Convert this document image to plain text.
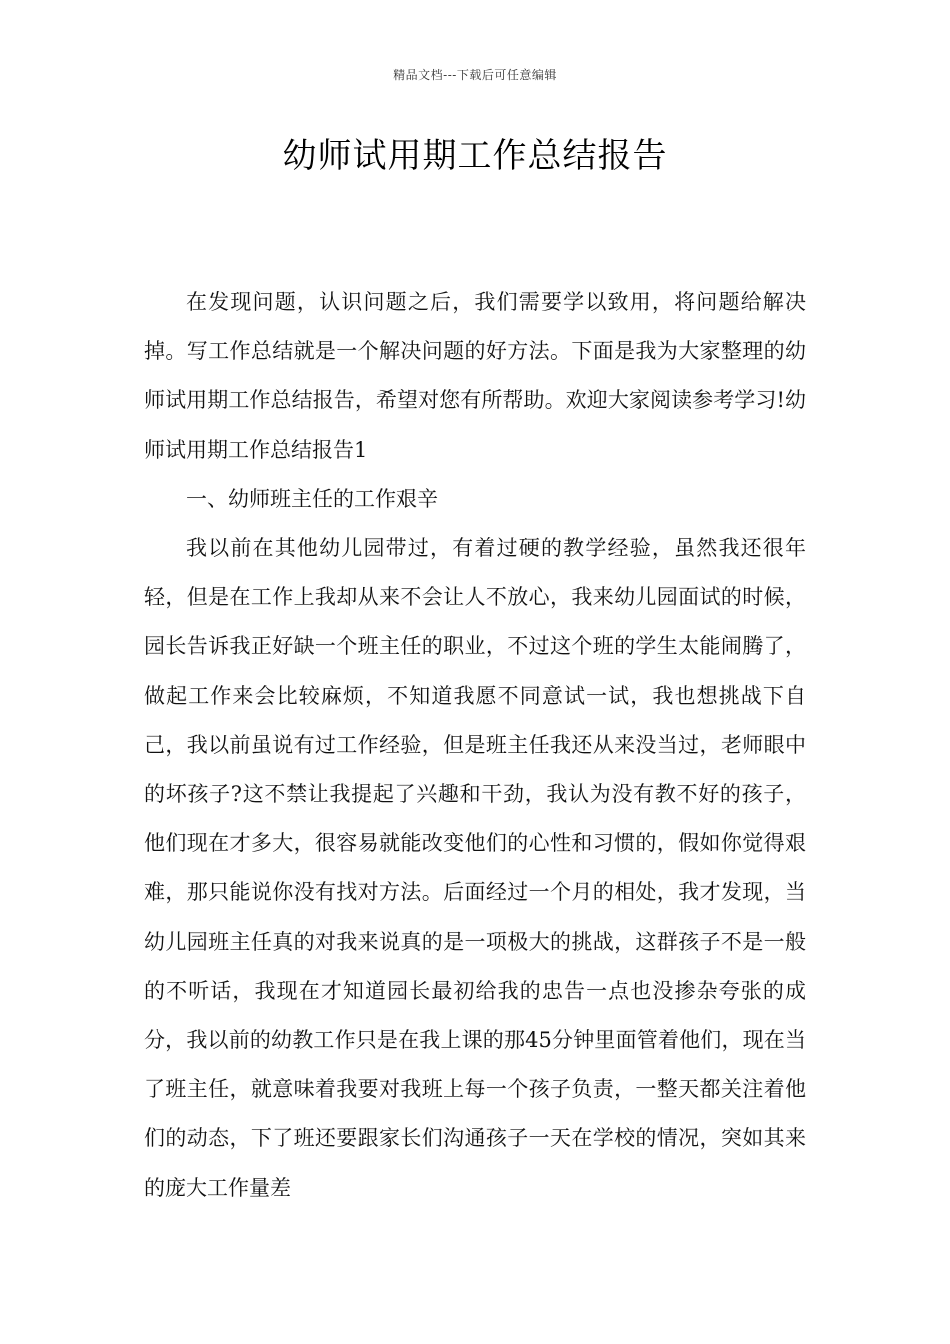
精品文档---下载后可任意编辑
幼师试用期工作总结报告

在发现问题，认识问题之后，我们需要学以致用，将问题给解决掉。写工作总结就是一个解决问题的好方法。下面是我为大家整理的幼师试用期工作总结报告，希望对您有所帮助。欢迎大家阅读参考学习!幼师试用期工作总结报告1

一、幼师班主任的工作艰辛

我以前在其他幼儿园带过，有着过硬的教学经验，虽然我还很年轻，但是在工作上我却从来不会让人不放心，我来幼儿园面试的时候，园长告诉我正好缺一个班主任的职业，不过这个班的学生太能闹腾了，做起工作来会比较麻烦，不知道我愿不同意试一试，我也想挑战下自己，我以前虽说有过工作经验，但是班主任我还从来没当过，老师眼中的坏孩子?这不禁让我提起了兴趣和干劲，我认为没有教不好的孩子，他们现在才多大，很容易就能改变他们的心性和习惯的，假如你觉得艰难，那只能说你没有找对方法。后面经过一个月的相处，我才发现，当幼儿园班主任真的对我来说真的是一项极大的挑战，这群孩子不是一般的不听话，我现在才知道园长最初给我的忠告一点也没掺杂夸张的成分，我以前的幼教工作只是在我上课的那45分钟里面管着他们，现在当了班主任，就意味着我要对我班上每一个孩子负责，一整天都关注着他们的动态，下了班还要跟家长们沟通孩子一天在学校的情况，突如其来的庞大工作量差
